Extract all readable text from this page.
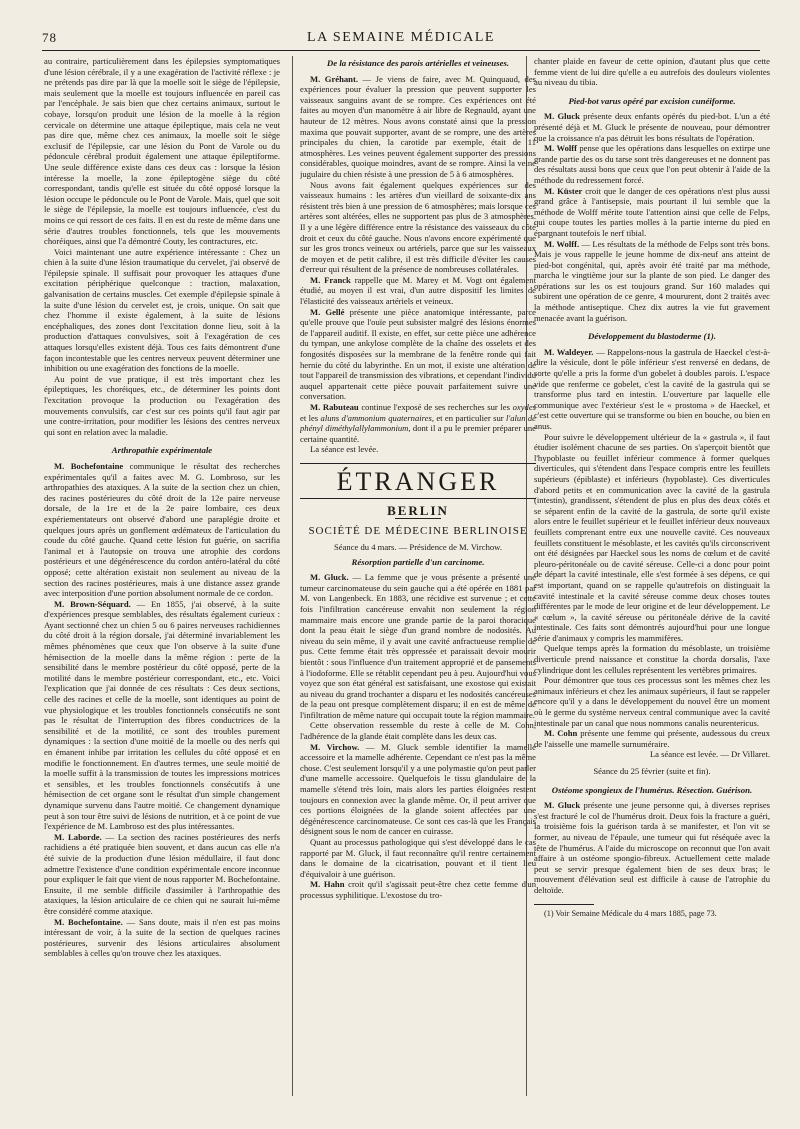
78	LA SEMAINE MÉDICALE

au contraire, particulièrement dans les épilepsies symptomatiques d'une lésion cérébrale, il y a une exagération de l'activité réflexe : je ne prétends pas dire par là que la moelle soit le siège de l'épilepsie, mais seulement que la moelle est toujours influencée en pareil cas par l'encéphale. Je sais bien que chez certains animaux, surtout le cobaye, lorsqu'on produit une lésion de la moelle à la région cervicale on détermine une attaque épileptique, mais cela ne veut pas dire que, même chez ces animaux, la moelle soit le siège exclusif de l'épilepsie, car une lésion du Pont de Varole ou du pédoncule cérébral produit également une attaque épileptiforme. Une seule différence existe dans ces deux cas : lorsque la lésion intéresse la moelle, la zone épileptogène siège du côté correspondant, tandis qu'elle est située du côté opposé lorsque la lésion occupe le pédoncule ou le Pont de Varole. Mais, quel que soit le siège de l'épilepsie, la moelle est toujours influencée, c'est du moins ce qui ressort de ces faits. Il en est du reste de même dans une série d'autres troubles fonctionnels, tels que les mouvements choréiques, ainsi que l'a démontré Couty, les contractures, etc.

Voici maintenant une autre expérience intéressante : Chez un chien à la suite d'une lésion traumatique du cervelet, j'ai observé de l'épilepsie spinale. Il suffisait pour provoquer les attaques d'une excitation périphérique quelconque : traction, malaxation, galvanisation de certains muscles. Cet exemple d'épilepsie spinale à la suite d'une lésion du cervelet est, je crois, unique. On sait que chez l'homme il existe également, à la suite de lésions encéphaliques, des zones dont l'excitation donne lieu, soit à la production d'attaques convulsives, soit à l'exagération de ces attaques lorsqu'elles existent déjà. Tous ces faits démontrent d'une façon incontestable que les centres nerveux peuvent déterminer une inhibition ou une exagération des fonctions de la moelle.

Au point de vue pratique, il est très important chez les épileptiques, les choréiques, etc., de déterminer les points dont l'excitation provoque la production ou l'exagération des mouvements convulsifs, car c'est sur ces points qu'il faut agir par une contre-irritation, pour modifier les lésions des centres nerveux qui sont en relation avec la maladie.

Arthropathie expérimentale

M. Bochefontaine communique le résultat des recherches expérimentales qu'il a faites avec M. G. Lombroso, sur les arthropathies des ataxiques. A la suite de la section chez un chien, des racines postérieures du côté droit de la 12e paire nerveuse dorsale, de la 1re et de la 2e paire lombaire, ces deux expériementateurs ont observé d'abord une paraplégie droite et quelques jours après un gonflement œdémateux de l'articulation du coude du côté gauche. Quand cette lésion fut guérie, on sacrifia l'animal et à l'autopsie on trouva une atrophie des cordons postérieurs et une dégénérescence du cordon antéro-latéral du côté opposé; cette altération existait non seulement au niveau de la section des racines postérieures, mais à une distance assez grande avec interposition d'une portion absolument normale de ce cordon.

M. Brown-Séquard. — En 1855, j'ai observé, à la suite d'expériences presque semblables, des résultats également curieux : Ayant sectionné chez un chien 5 ou 6 paires nerveuses rachidiennes du côté droit à la région dorsale, j'ai déterminé invariablement les mêmes phénomènes que ceux que l'on observe à la suite d'une hémisection de la moelle dans la même région : perte de la sensibilité dans le membre postérieur du côté opposé, perte de la motilité dans le membre postérieur correspondant, etc., etc. Voici l'explication que j'ai donnée de ces résultats : Ces deux sections, celle des racines et celle de la moelle, sont identiques au point de vue physiologique et les troubles fonctionnels consécutifs ne sont pas le résultat de l'interruption des fibres conductrices de la sensibilité et de la motilité, ce sont des troubles purement dynamiques : la section d'une moitié de la moelle ou des nerfs qui en émanent inhibe par irritation les cellules du côté opposé et en modifie le fonctionnement. En d'autres termes, une seule moitié de la moelle suffit à la transmission de toutes les impressions motrices et sensibles, et les troubles fonctionnels consécutifs à une hémisection de cet organe sont le résultat d'un simple changement dynamique survenu dans l'autre moitié. Ce changement dynamique peut à son tour être suivi de lésions de nutrition, et à ce point de vue l'expérience de M. Lambroso est des plus intéressantes.

M. Laborde. — La section des racines postérieures des nerfs rachidiens a été pratiquée bien souvent, et dans aucun cas elle n'a été suivie de la production d'une lésion médullaire, il faut donc admettre l'existence d'une condition expérimentale encore inconnue pour expliquer le fait que vient de nous rapporter M. Bochefontaine. Ensuite, il me semble difficile d'assimiler à l'arthropathie des ataxiques, la lésion articulaire de ce chien qui ne saurait lui-même être considéré comme ataxique.

M. Bochefontaine. — Sans doute, mais il n'en est pas moins intéressant de voir, à la suite de la section de quelques racines postérieures, survenir des lésions articulaires absolument semblables à celles qu'on trouve chez les ataxiques.

De la résistance des parois artérielles et veineuses.

M. Gréhant. — Je viens de faire, avec M. Quinquaud, des expériences pour évaluer la pression que peuvent supporter les vaisseaux sanguins avant de se rompre. Ces expériences ont été faites au moyen d'un manomètre à air libre de Regnauld, ayant une hauteur de 12 mètres. Nous avons constaté ainsi que la pression maxima que pouvait supporter, avant de se rompre, une des artères principales du chien, la carotide par exemple, était de 11 atmosphères. Les veines peuvent également supporter des pressions considérables, quoique moindres, avant de se rompre. Ainsi la veine jugulaire du chien résiste à une pression de 5 à 6 atmosphères.

Nous avons fait également quelques expériences sur des vaisseaux humains : les artères d'un vieillard de soixante-dix ans résistent très bien à une pression de 6 atmosphères; mais lorsque ces artères sont altérées, elles ne supportent pas plus de 3 atmosphères. Il y a une légère différence entre la résistance des vaisseaux du côté droit et ceux du côté gauche. Nous n'avons encore expérimenté que sur les gros troncs veineux ou artériels, parce que sur les vaisseaux de moyen et de petit calibre, il est très difficile d'éviter les causes d'erreur qui résultent de la présence de nombreuses collatérales.

M. Franck rappelle que M. Marey et M. Vogt ont également étudié, au moyen il est vrai, d'un autre dispositif les limites de l'élasticité des vaisseaux artériels et veineux.

M. Gellé présente une pièce anatomique intéressante, parce qu'elle prouve que l'ouïe peut subsister malgré des lésions énormes de l'appareil auditif. Il existe, en effet, sur cette pièce une adhérence du tympan, une ankylose complète de la chaîne des osselets et des fongosités disposées sur la membrane de la fenêtre ronde qui fait hernie du côté du labyrinthe. En un mot, il existe une altération de tout l'appareil de transmission des vibrations, et cependant l'individu auquel appartenait cette pièce pouvait parfaitement suivre une conversation.

M. Rabuteau continue l'exposé de ses recherches sur les oxydes et les aluns d'ammonium quaternaires, et en particulier sur l'alun de phényl diméthylallylammonium, dont il a pu le premier préparer une certaine quantité.

La séance est levée.

ÉTRANGER
BERLIN
SOCIÉTÉ DE MÉDECINE BERLINOISE
Séance du 4 mars. — Présidence de M. Virchow.
Résorption partielle d'un carcinome.

M. Gluck. — La femme que je vous présente a présenté une tumeur carcinomateuse du sein gauche qui a été opérée en 1881 par M. von Langenbeck. En 1883, une récidive est survenue ; et cette fois l'infiltration cancéreuse envahit non seulement la région mammaire mais encore une grande partie de la paroi thoracique dont la peau était le siège d'un grand nombre de nodosités. Au niveau du sein même, il y avait une cavité anfractueuse remplie de pus. Cette femme était très oppressée et paraissait devoir mourir bientôt : sous l'influence d'un traitement approprié et de pansements à l'iodoforme. Elle se rétablit cependant peu à peu. Aujourd'hui vous voyez que son état général est satisfaisant, une exostose qui existait au niveau du grand trochanter a disparu et les nodosités cancéreuses de la peau ont presque complètement disparu; il en est de même de l'infiltration de même nature qui occupait toute la région mammaire.

Cette observation ressemble du reste à celle de M. Cohn, l'adhérence de la glande était complète dans les deux cas.

M. Virchow. — M. Gluck semble identifier la mamelle accessoire et la mamelle adhérente. Cependant ce n'est pas la même chose. C'est seulement lorsqu'il y a une polymastie qu'on peut parler d'une mamelle accessoire. Quelquefois le tissu glandulaire de la mamelle s'étend très loin, mais alors les parties éloignées restent toujours en connexion avec la glande même. Or, il peut arriver que ces portions éloignées de la glande soient affectées par une dégénérescence carcinomateuse. Ce sont ces cas-là que les Français désignent sous le nom de cancer en cuirasse.

Quant au processus pathologique qui s'est développé dans le cas rapporté par M. Gluck, il faut reconnaître qu'il rentre certainement dans le domaine de la cicatrisation, pouvant et il tient lieu d'équivaloir à une guérison.

M. Hahn croit qu'il s'agissait peut-être chez cette femme d'un processus syphilitique. L'exostose du tro-

chanter plaide en faveur de cette opinion, d'autant plus que cette femme vient de lui dire qu'elle a eu autrefois des douleurs violentes au niveau du tibia.

Pied-bot varus opéré par excision cunéiforme.

M. Gluck présente deux enfants opérés du pied-bot. L'un a été présenté déjà et M. Gluck le présente de nouveau, pour démontrer que la croissance n'a pas détruit les bons résultats de l'opération.

M. Wolff pense que les opérations dans lesquelles on extirpe une grande partie des os du tarse sont très dangereuses et ne donnent pas des résultats aussi bons que ceux que l'on peut obtenir à l'aide de la méthode du redressement forcé.

M. Küster croit que le danger de ces opérations n'est plus aussi grand grâce à l'antisepsie, mais pourtant il lui semble que la méthode de Wolff mérite toute l'attention ainsi que celle de Felps, qui coupe toutes les parties molles à la partie interne du pied en épargnant toutefois le nerf tibial.

M. Wolff. — Les résultats de la méthode de Felps sont très bons. Mais je vous rappelle le jeune homme de dix-neuf ans atteint de pied-bot congénital, qui, après avoir été traité par ma méthode, marcha le vingtième jour sur la plante de son pied. Le danger des opérations sur les os est toujours grand. Sur 160 malades qui subirent une opération de ce genre, 4 moururent, dont 2 traités avec la méthode antiseptique. Chez dix autres la vie fut gravement menacée avant la guérison.

Développement du blastoderme (1).

M. Waldeyer. — Rappelons-nous la gastrula de Haeckel c'est-à-dire la vésicule, dont le pôle inférieur s'est renversé en dedans, de sorte qu'elle a pris la forme d'un gobelet à doubles parois. L'espace vide que renferme ce gobelet, c'est la cavité de la gastrula qui se transforme plus tard en intestin. L'ouverture par laquelle elle communique avec l'extérieur s'est le « prostoma » de Haeckel, et c'est cette ouverture qui se transforme ou bien en bouche, ou bien en anus.

Pour suivre le développement ultérieur de la « gastrula », il faut étudier isolément chacune de ses parties. On s'aperçoit bientôt que l'hypoblaste ou feuillet inférieur commence à former quelques diverticules, qui s'étendent dans l'espace compris entre les feuillets supérieurs (épiblaste) et inférieurs (hypoblaste). Ces diverticules d'abord petits et en communication avec la cavité de la gastrula (intestin), grandissent, s'étendent de plus en plus des deux côtés et se séparent enfin de la cavité de la gastrula, de sorte qu'il existe alors entre le feuillet supérieur et le feuillet inférieur deux nouveaux feuillets comprenant entre eux une nouvelle cavité. Ces nouveaux feuillets constituent le mésoblaste, et les cavités qu'ils circonscrivent ont été désignées par Haeckel sous les noms de cœlum et de cavité pleuro-péritonéale ou de cavité séreuse. Celle-ci a donc pour point de départ la cavité intestinale, elle s'est formée à ses dépens, ce qui est important, quand on se rappelle qu'autrefois on distinguait la cavité intestinale et la cavité séreuse comme deux choses toutes différentes par le mode de leur origine et de leur développement. Le « cœlum », la cavité séreuse ou péritonéale dérive de la cavité intestinale. Ces faits sont démontrés aujourd'hui pour une longue série d'animaux y compris les mammifères.

Quelque temps après la formation du mésoblaste, un troisième diverticule prend naissance et constitue la chorda dorsalis, l'axe cylindrique dont les cellules représentent les vertèbres primaires.

Pour démontrer que tous ces processus sont les mêmes chez les animaux inférieurs et chez les animaux supérieurs, il faut se rappeler encore qu'il y a dans le développement du nouvel être un moment où le germe du système nerveux central communique avec la cavité intestinale par un canal que nous nommons canalis neurentericus.

M. Cohn présente une femme qui présente, audessous du creux de l'aisselle une mamelle surnuméraire.

La séance est levée. — Dr Villaret.

Séance du 25 février (suite et fin).
Ostéome spongieux de l'humérus. Résection. Guérison.

M. Gluck présente une jeune personne qui, à diverses reprises s'est fracturé le col de l'humérus droit. Deux fois la fracture a guéri, la troisième fois la guérison tarda à se manifester, et l'on vit se former, au niveau de l'épaule, une tumeur qui fut réséquée avec la tête de l'humérus. A l'aide du microscope on reconnut que l'on avait affaire à un ostéome spongio-fibreux. Actuellement cette malade peut se servir presque également bien de ses deux bras; le mouvement d'élévation seul est difficile à cause de l'atrophie du deltoïde.

(1) Voir Semaine Médicale du 4 mars 1885, page 73.
